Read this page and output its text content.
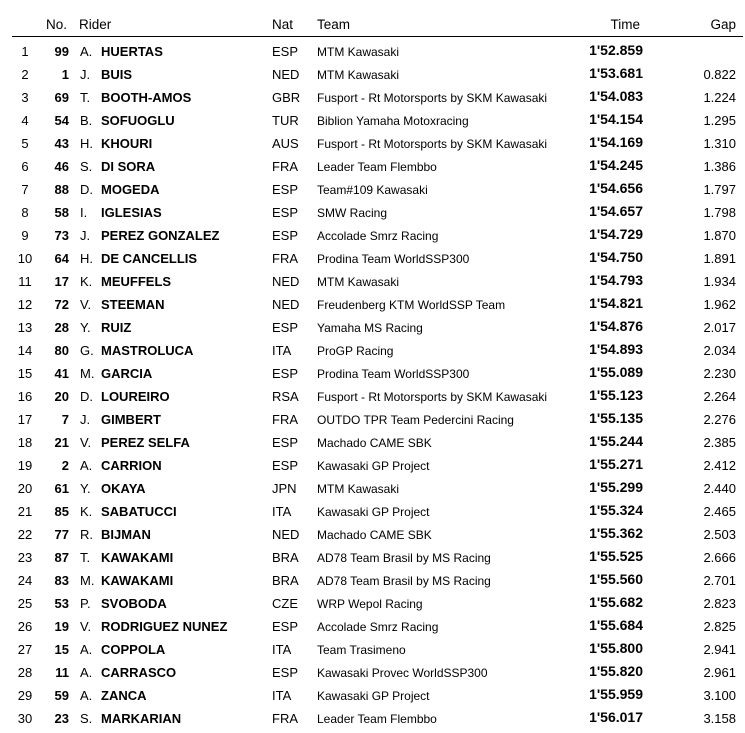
No. Rider	Nat Team	Time	Gap
1	99 A. HUERTAS	ESP MTM Kawasaki	1'52.859
2	1 J. BUIS	NED MTM Kawasaki	1'53.681	0.822
3	69 T. BOOTH-AMOS	GBR Fusport - Rt Motorsports by SKM Kawasaki	1'54.083	1.224
4	54 B. SOFUOGLU	TUR Biblion Yamaha Motoxracing	1'54.154	1.295
5	43 H. KHOURI	AUS Fusport - Rt Motorsports by SKM Kawasaki	1'54.169	1.310
6	46 S. DI SORA	FRA Leader Team Flembbo	1'54.245	1.386
7	88 D. MOGEDA	ESP Team#109 Kawasaki	1'54.656	1.797
8	58 I. IGLESIAS	ESP SMW Racing	1'54.657	1.798
9	73 J. PEREZ GONZALEZ	ESP Accolade Smrz Racing	1'54.729	1.870
10	64 H. DE CANCELLIS	FRA Prodina Team WorldSSP300	1'54.750	1.891
11	17 K. MEUFFELS	NED MTM Kawasaki	1'54.793	1.934
12	72 V. STEEMAN	NED Freudenberg KTM WorldSSP Team	1'54.821	1.962
13	28 Y. RUIZ	ESP Yamaha MS Racing	1'54.876	2.017
14	80 G. MASTROLUCA	ITA ProGP Racing	1'54.893	2.034
15	41 M. GARCIA	ESP Prodina Team WorldSSP300	1'55.089	2.230
16	20 D. LOUREIRO	RSA Fusport - Rt Motorsports by SKM Kawasaki	1'55.123	2.264
17	7 J. GIMBERT	FRA OUTDO TPR Team Pedercini Racing	1'55.135	2.276
18	21 V. PEREZ SELFA	ESP Machado CAME SBK	1'55.244	2.385
19	2 A. CARRION	ESP Kawasaki GP Project	1'55.271	2.412
20	61 Y. OKAYA	JPN MTM Kawasaki	1'55.299	2.440
21	85 K. SABATUCCI	ITA Kawasaki GP Project	1'55.324	2.465
22	77 R. BIJMAN	NED Machado CAME SBK	1'55.362	2.503
23	87 T. KAWAKAMI	BRA AD78 Team Brasil by MS Racing	1'55.525	2.666
24	83 M. KAWAKAMI	BRA AD78 Team Brasil by MS Racing	1'55.560	2.701
25	53 P. SVOBODA	CZE WRP Wepol Racing	1'55.682	2.823
26	19 V. RODRIGUEZ NUNEZ	ESP Accolade Smrz Racing	1'55.684	2.825
27	15 A. COPPOLA	ITA Team Trasimeno	1'55.800	2.941
28	11 A. CARRASCO	ESP Kawasaki Provec WorldSSP300	1'55.820	2.961
29	59 A. ZANCA	ITA Kawasaki GP Project	1'55.959	3.100
30	23 S. MARKARIAN	FRA Leader Team Flembbo	1'56.017	3.158
